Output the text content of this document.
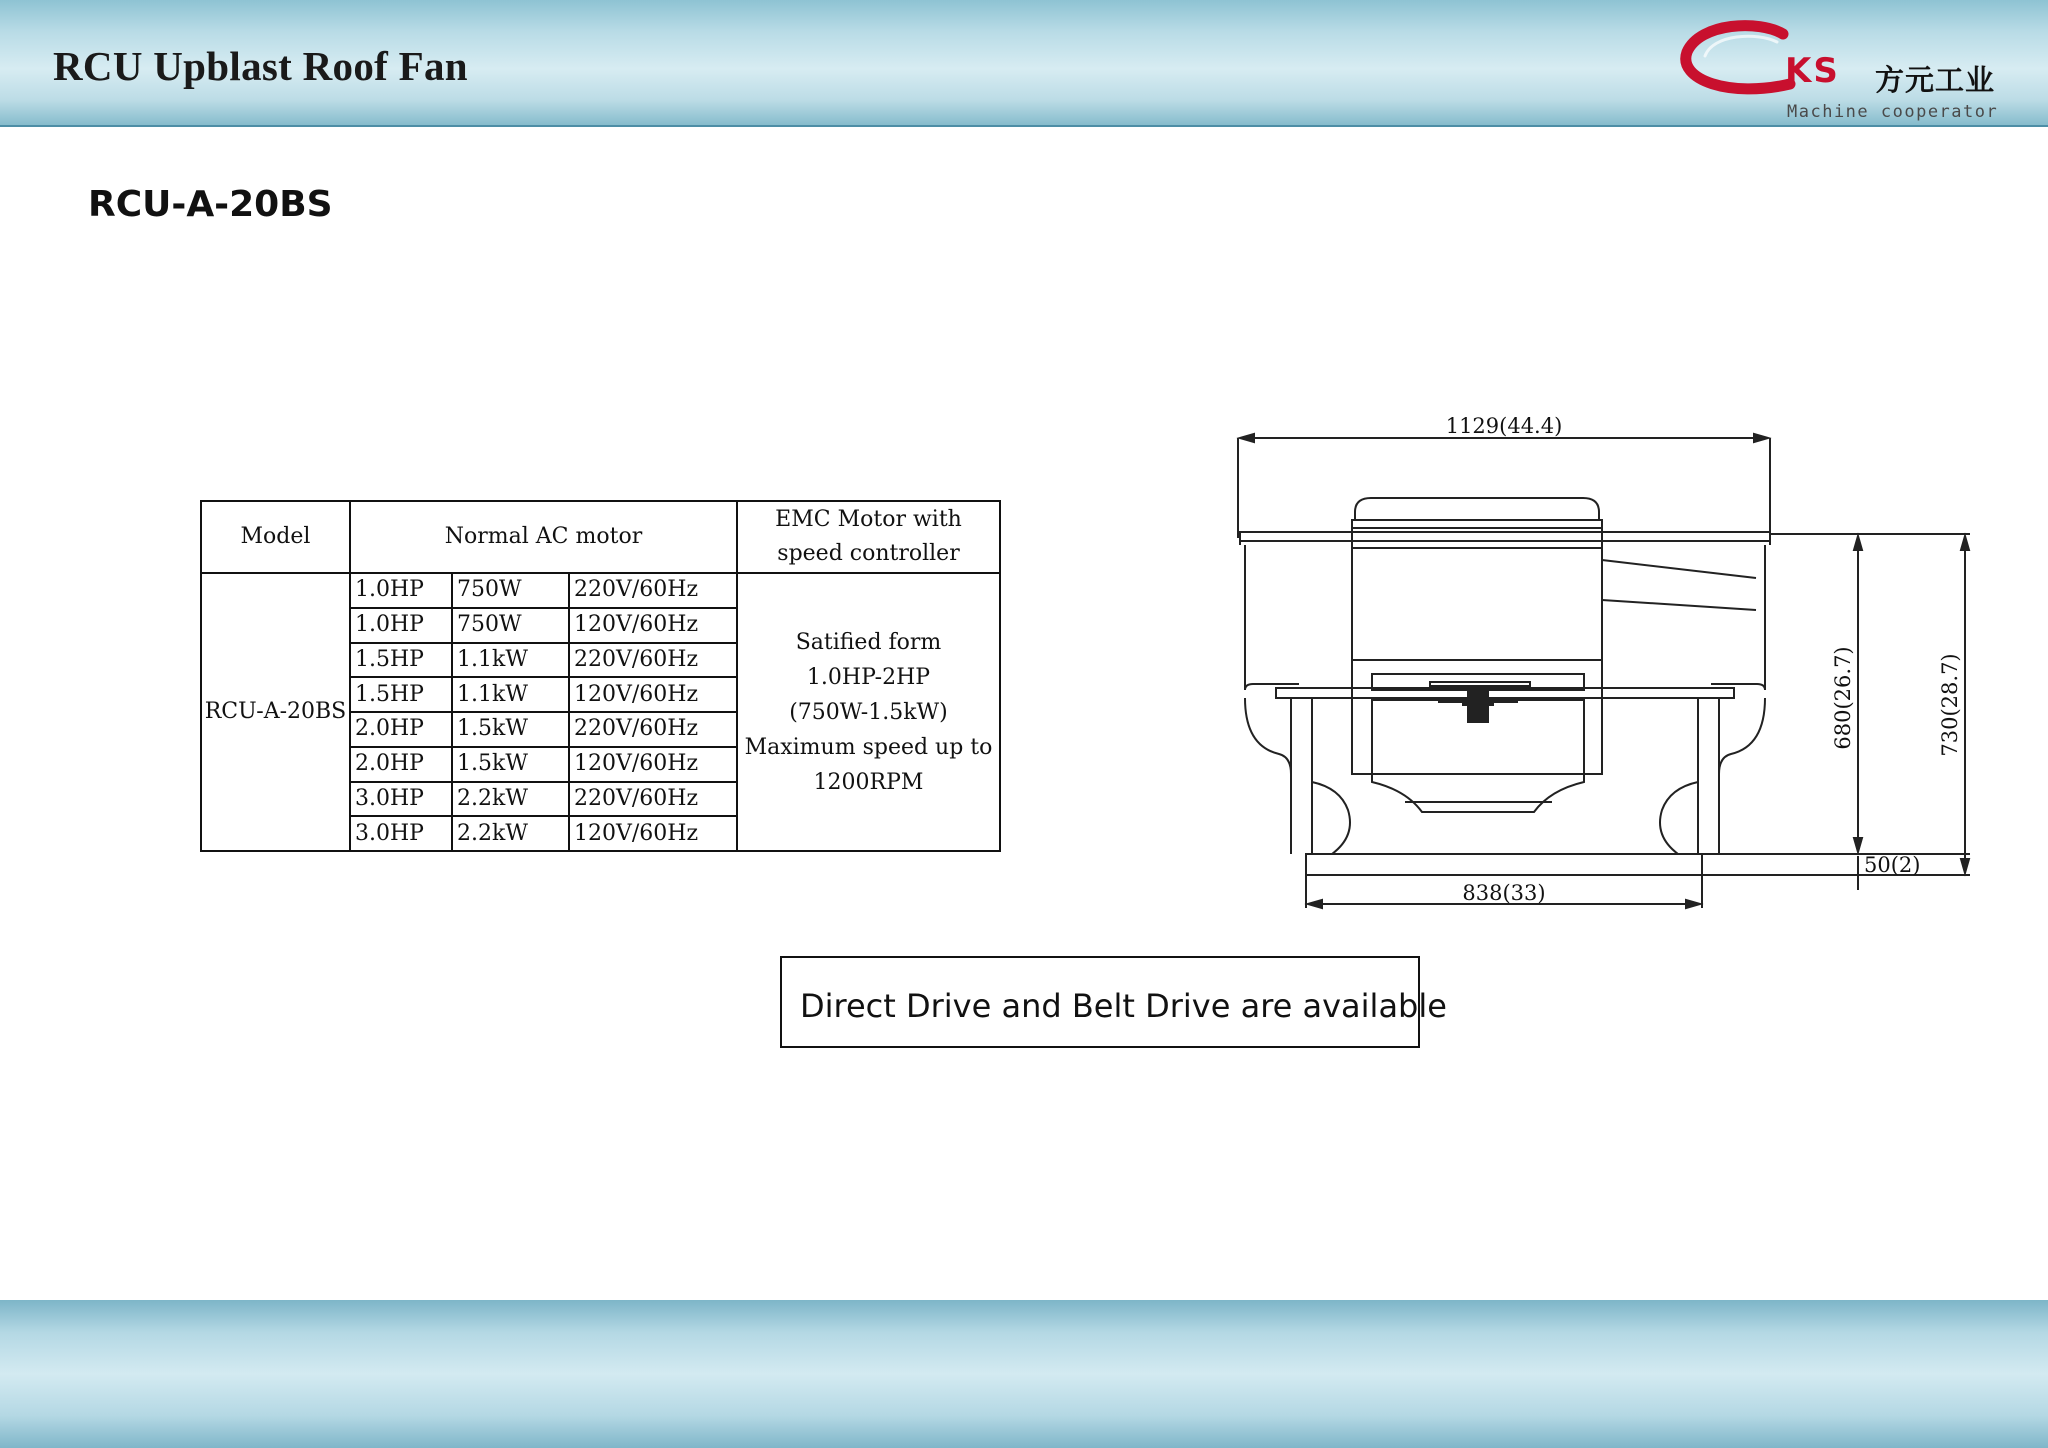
RCU Upblast Roof Fan	KS 方元工业
Machine cooperator
RCU-A-20BS
Model	Normal AC motor			EMC Motor with
speed controller

RCU-A-20BS	1.0HP	750W	220V/60Hz	Satified form
1.0HP-2HP
(750W-1.5kW)
Maximum speed up to
1200RPM

	1.0HP	750W	120V/60Hz	
	1.5HP	1.1kW	220V/60Hz	
	1.5HP	1.1kW	120V/60Hz	
	2.0HP	1.5kW	220V/60Hz	
	2.0HP	1.5kW	120V/60Hz	
	3.0HP	2.2kW	220V/60Hz	
	3.0HP	2.2kW	120V/60Hz	
1129(44.4)
838(33)
50(2)
680(26.7)	730(28.7)
Direct Drive and Belt Drive are available
